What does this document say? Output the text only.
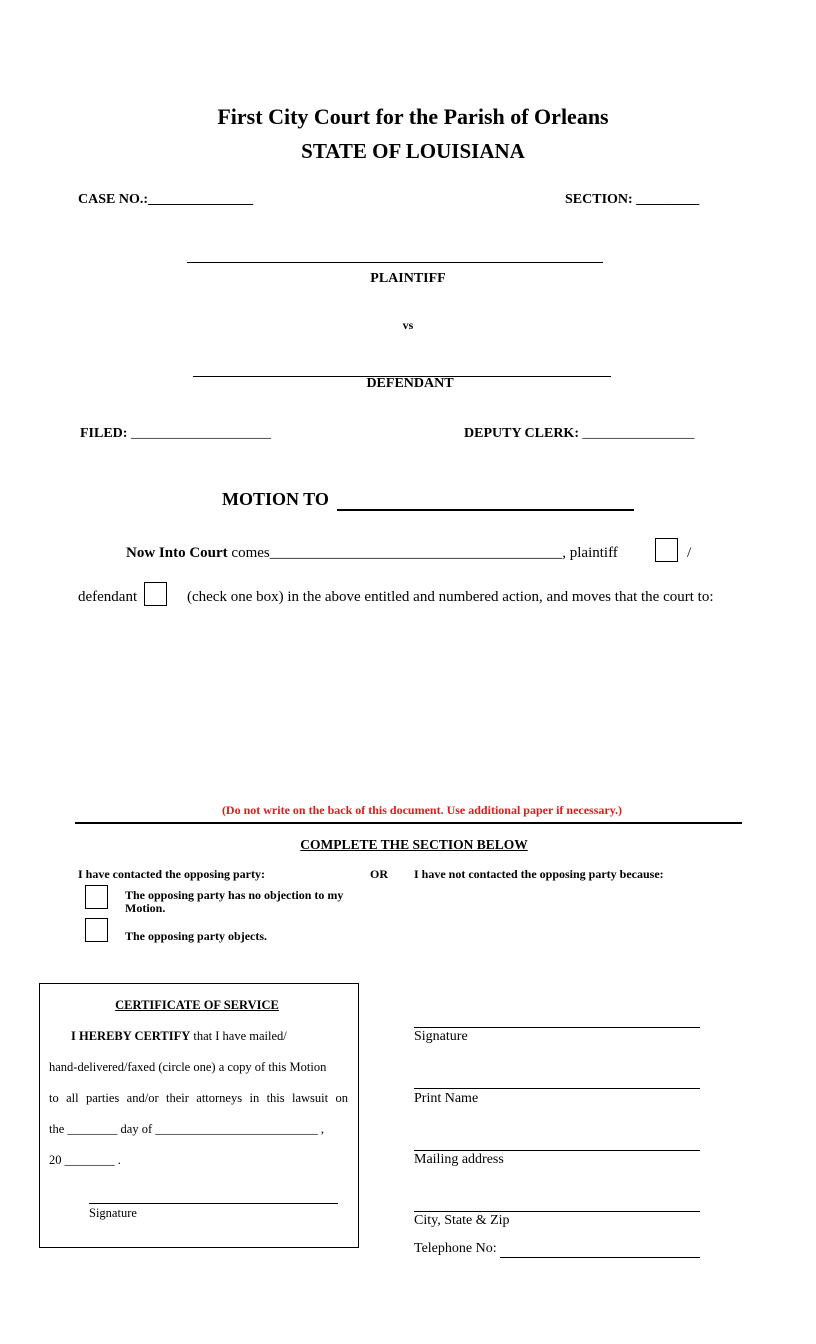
First City Court for the Parish of Orleans
STATE OF LOUISIANA
CASE NO.:_______________	SECTION: _________
PLAINTIFF
vs
DEFENDANT
FILED: ____________________	DEPUTY CLERK: ________________
MOTION TO
Now Into Court comes_______________________________________, plaintiff	/
defendant	(check one box) in the above entitled and numbered action, and moves that the court to:
(Do not write on the back of this document. Use additional paper if necessary.)
COMPLETE THE SECTION BELOW
I have contacted the opposing party:	OR I have not contacted the opposing party because:
The opposing party has no objection to my
Motion.
The opposing party objects.
CERTIFICATE OF SERVICE
I HEREBY CERTIFY that I have mailed/
hand-delivered/faxed (circle one) a copy of this Motion
to all parties and/or their attorneys in this lawsuit on
the ________ day of __________________________ ,
20 ________ .
Signature
Signature
Print Name
Mailing address
City, State & Zip
Telephone No:
